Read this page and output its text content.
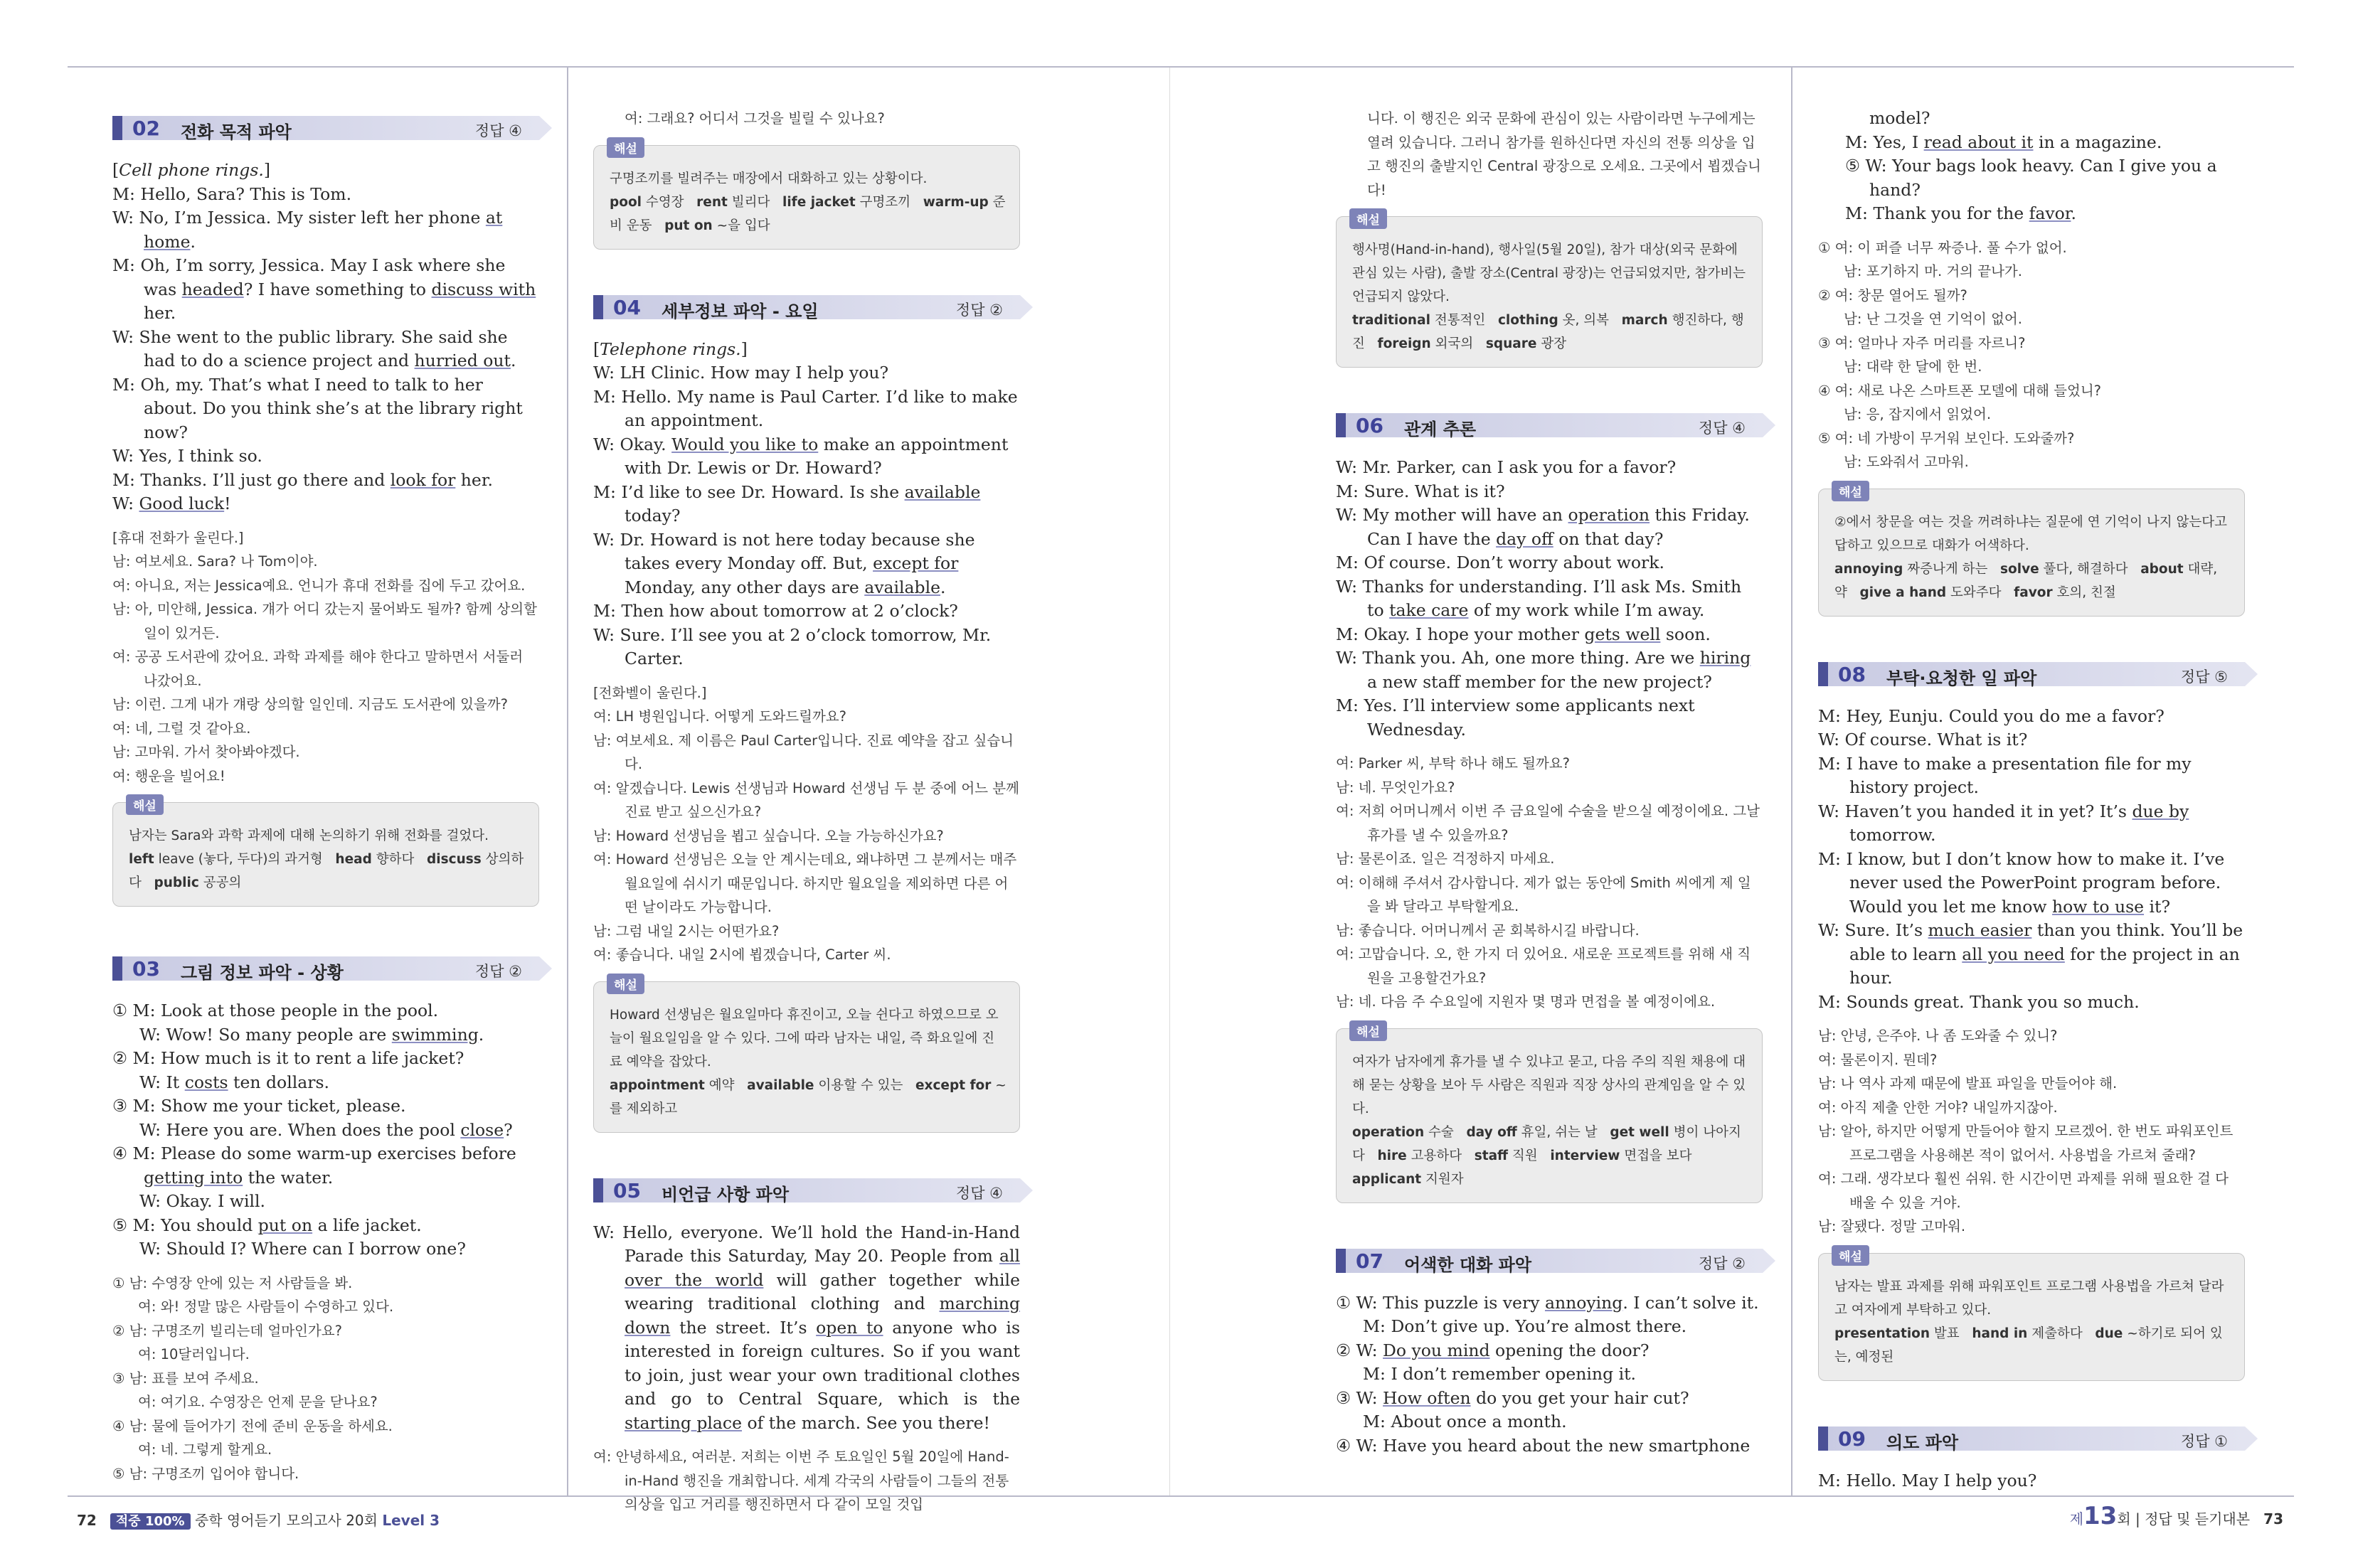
02 전화 목적 파악	정답 ④

[Cell phone rings.]

M: Hello, Sara? This is Tom.

W: No, I’m Jessica. My sister left her phone at home.

M: Oh, I’m sorry, Jessica. May I ask where she was headed? I have something to discuss with her.

W: She went to the public library. She said she had to do a science project and hurried out.

M: Oh, my. That’s what I need to talk to her about. Do you think she’s at the library right now?

W: Yes, I think so.

M: Thanks. I’ll just go there and look for her.

W: Good luck!

[휴대 전화가 울린다.]

남: 여보세요. Sara? 나 Tom이야.

여: 아니요, 저는 Jessica예요. 언니가 휴대 전화를 집에 두고 갔어요.

남: 아, 미안해, Jessica. 걔가 어디 갔는지 물어봐도 될까? 함께 상의할 일이 있거든.

여: 공공 도서관에 갔어요. 과학 과제를 해야 한다고 말하면서 서둘러 나갔어요.

남: 이런. 그게 내가 걔랑 상의할 일인데. 지금도 도서관에 있을까?

여: 네, 그럴 것 같아요.

남: 고마워. 가서 찾아봐야겠다.

여: 행운을 빌어요!

해설

남자는 Sara와 과학 과제에 대해 논의하기 위해 전화를 걸었다.

left leave (놓다, 두다)의 과거형   head 향하다   discuss 상의하다   public 공공의

03 그림 정보 파악 - 상황	정답 ②

① M: Look at those people in the pool.

W: Wow! So many people are swimming.

② M: How much is it to rent a life jacket?

W: It costs ten dollars.

③ M: Show me your ticket, please.

W: Here you are. When does the pool close?

④ M: Please do some warm-up exercises before getting into the water.

W: Okay. I will.

⑤ M: You should put on a life jacket.

W: Should I? Where can I borrow one?

① 남: 수영장 안에 있는 저 사람들을 봐.

여: 와! 정말 많은 사람들이 수영하고 있다.

② 남: 구명조끼 빌리는데 얼마인가요?

여: 10달러입니다.

③ 남: 표를 보여 주세요.

여: 여기요. 수영장은 언제 문을 닫나요?

④ 남: 물에 들어가기 전에 준비 운동을 하세요.

여: 네. 그렇게 할게요.

⑤ 남: 구명조끼 입어야 합니다.

여: 그래요? 어디서 그것을 빌릴 수 있나요?

해설

구명조끼를 빌려주는 매장에서 대화하고 있는 상황이다.

pool 수영장   rent 빌리다   life jacket 구명조끼   warm-up 준비 운동   put on ~을 입다

04 세부정보 파악 - 요일	정답 ②

[Telephone rings.]

W: LH Clinic. How may I help you?

M: Hello. My name is Paul Carter. I’d like to make an appointment.

W: Okay. Would you like to make an appointment with Dr. Lewis or Dr. Howard?

M: I’d like to see Dr. Howard. Is she available today?

W: Dr. Howard is not here today because she takes every Monday off. But, except for Monday, any other days are available.

M: Then how about tomorrow at 2 o’clock?

W: Sure. I’ll see you at 2 o’clock tomorrow, Mr. Carter.

[전화벨이 울린다.]

여: LH 병원입니다. 어떻게 도와드릴까요?

남: 여보세요. 제 이름은 Paul Carter입니다. 진료 예약을 잡고 싶습니다.

여: 알겠습니다. Lewis 선생님과 Howard 선생님 두 분 중에 어느 분께 진료 받고 싶으신가요?

남: Howard 선생님을 뵙고 싶습니다. 오늘 가능하신가요?

여: Howard 선생님은 오늘 안 계시는데요, 왜냐하면 그 분께서는 매주 월요일에 쉬시기 때문입니다. 하지만 월요일을 제외하면 다른 어떤 날이라도 가능합니다.

남: 그럼 내일 2시는 어떤가요?

여: 좋습니다. 내일 2시에 뵙겠습니다, Carter 씨.

해설

Howard 선생님은 월요일마다 휴진이고, 오늘 쉰다고 하였으므로 오늘이 월요일임을 알 수 있다. 그에 따라 남자는 내일, 즉 화요일에 진료 예약을 잡았다.

appointment 예약   available 이용할 수 있는   except for ~를 제외하고

05 비언급 사항 파악	정답 ④

W: Hello, everyone. We’ll hold the Hand-in-Hand Parade this Saturday, May 20. People from all over the world will gather together while wearing traditional clothing and marching down the street. It’s open to anyone who is interested in foreign cultures. So if you want to join, just wear your own traditional clothes and go to Central Square, which is the starting place of the march. See you there!

여: 안녕하세요, 여러분. 저희는 이번 주 토요일인 5월 20일에 Hand-in-Hand 행진을 개최합니다. 세계 각국의 사람들이 그들의 전통 의상을 입고 거리를 행진하면서 다 같이 모일 것입

니다. 이 행진은 외국 문화에 관심이 있는 사람이라면 누구에게는 열려 있습니다. 그러니 참가를 원하신다면 자신의 전통 의상을 입고 행진의 출발지인 Central 광장으로 오세요. 그곳에서 뵙겠습니다!

해설

행사명(Hand-in-hand), 행사일(5월 20일), 참가 대상(외국 문화에 관심 있는 사람), 출발 장소(Central 광장)는 언급되었지만, 참가비는 언급되지 않았다.

traditional 전통적인   clothing 옷, 의복   march 행진하다, 행진   foreign 외국의   square 광장

06 관계 추론	정답 ④

W: Mr. Parker, can I ask you for a favor?

M: Sure. What is it?

W: My mother will have an operation this Friday. Can I have the day off on that day?

M: Of course. Don’t worry about work.

W: Thanks for understanding. I’ll ask Ms. Smith to take care of my work while I’m away.

M: Okay. I hope your mother gets well soon.

W: Thank you. Ah, one more thing. Are we hiring a new staff member for the new project?

M: Yes. I’ll interview some applicants next Wednesday.

여: Parker 씨, 부탁 하나 해도 될까요?

남: 네. 무엇인가요?

여: 저희 어머니께서 이번 주 금요일에 수술을 받으실 예정이에요. 그날 휴가를 낼 수 있을까요?

남: 물론이죠. 일은 걱정하지 마세요.

여: 이해해 주셔서 감사합니다. 제가 없는 동안에 Smith 씨에게 제 일을 봐 달라고 부탁할게요.

남: 좋습니다. 어머니께서 곧 회복하시길 바랍니다.

여: 고맙습니다. 오, 한 가지 더 있어요. 새로운 프로젝트를 위해 새 직원을 고용할건가요?

남: 네. 다음 주 수요일에 지원자 몇 명과 면접을 볼 예정이에요.

해설

여자가 남자에게 휴가를 낼 수 있냐고 묻고, 다음 주의 직원 채용에 대해 묻는 상황을 보아 두 사람은 직원과 직장 상사의 관계임을 알 수 있다.

operation 수술   day off 휴일, 쉬는 날   get well 병이 나아지다   hire 고용하다   staff 직원   interview 면접을 보다   applicant 지원자

07 어색한 대화 파악	정답 ②

① W: This puzzle is very annoying. I can’t solve it.

M: Don’t give up. You’re almost there.

② W: Do you mind opening the door?

M: I don’t remember opening it.

③ W: How often do you get your hair cut?

M: About once a month.

④ W: Have you heard about the new smartphone

model?

M: Yes, I read about it in a magazine.

⑤ W: Your bags look heavy. Can I give you a hand?

M: Thank you for the favor.

① 여: 이 퍼즐 너무 짜증나. 풀 수가 없어.

남: 포기하지 마. 거의 끝나가.

② 여: 창문 열어도 될까?

남: 난 그것을 연 기억이 없어.

③ 여: 얼마나 자주 머리를 자르니?

남: 대략 한 달에 한 번.

④ 여: 새로 나온 스마트폰 모델에 대해 들었니?

남: 응, 잡지에서 읽었어.

⑤ 여: 네 가방이 무거워 보인다. 도와줄까?

남: 도와줘서 고마워.

해설

②에서 창문을 여는 것을 꺼려하냐는 질문에 연 기억이 나지 않는다고 답하고 있으므로 대화가 어색하다.

annoying 짜증나게 하는   solve 풀다, 해결하다   about 대략, 약   give a hand 도와주다   favor 호의, 친절

08 부탁·요청한 일 파악	정답 ⑤

M: Hey, Eunju. Could you do me a favor?

W: Of course. What is it?

M: I have to make a presentation file for my history project.

W: Haven’t you handed it in yet? It’s due by tomorrow.

M: I know, but I don’t know how to make it. I’ve never used the PowerPoint program before. Would you let me know how to use it?

W: Sure. It’s much easier than you think. You’ll be able to learn all you need for the project in an hour.

M: Sounds great. Thank you so much.

남: 안녕, 은주야. 나 좀 도와줄 수 있니?

여: 물론이지. 뭔데?

남: 나 역사 과제 때문에 발표 파일을 만들어야 해.

여: 아직 제출 안한 거야? 내일까지잖아.

남: 알아, 하지만 어떻게 만들어야 할지 모르겠어. 한 번도 파워포인트 프로그램을 사용해본 적이 없어서. 사용법을 가르쳐 줄래?

여: 그래. 생각보다 훨씬 쉬워. 한 시간이면 과제를 위해 필요한 걸 다 배울 수 있을 거야.

남: 잘됐다. 정말 고마워.

해설

남자는 발표 과제를 위해 파워포인트 프로그램 사용법을 가르쳐 달라고 여자에게 부탁하고 있다.

presentation 발표   hand in 제출하다   due ~하기로 되어 있는, 예정된

09 의도 파악	정답 ①

M: Hello. May I help you?

72 적중 100% 중학 영어듣기 모의고사 20회 Level 3	제13회 | 정답 및 듣기대본 73
